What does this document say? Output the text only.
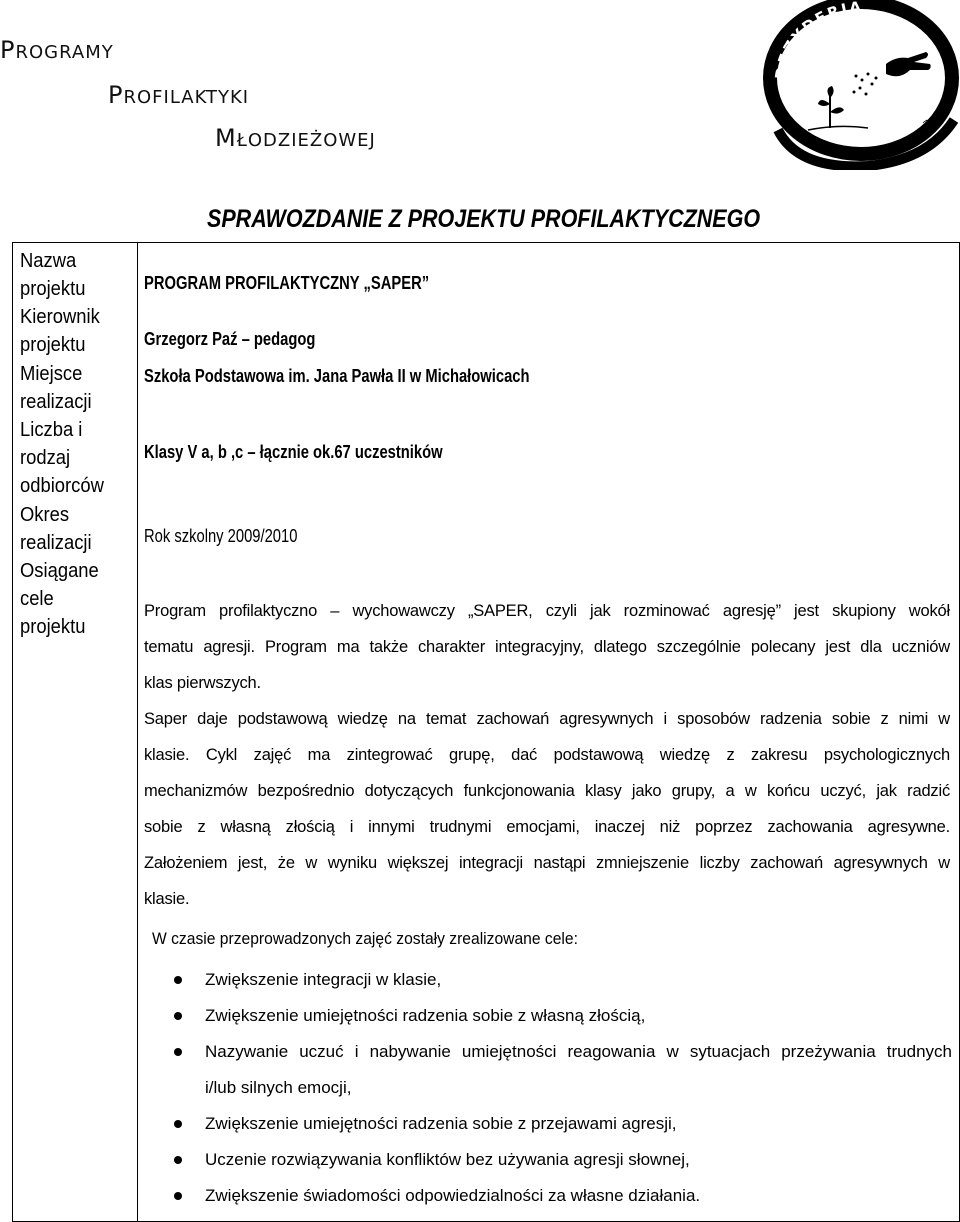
PROGRAMY
PROFILAKTYKI
MŁODZIEŻOWEJ
DEZYDERIA
Zespół Pedagogów
SPRAWOZDANIE Z PROJEKTU PROFILAKTYCZNEGO
Nazwa projektu
Kierownik projektu
Miejsce realizacji
Liczba i rodzaj odbiorców
Okres realizacji
Osiągane cele projektu
PROGRAM PROFILAKTYCZNY „SAPER”
Grzegorz Paź – pedagog
Szkoła Podstawowa im. Jana Pawła II w Michałowicach
Klasy V a, b ,c – łącznie ok.67 uczestników
Rok szkolny 2009/2010
Program profilaktyczno – wychowawczy „SAPER, czyli jak rozminować agresję” jest skupiony wokół
tematu agresji. Program ma także charakter integracyjny, dlatego szczególnie polecany jest dla uczniów
klas pierwszych.
Saper daje podstawową wiedzę na temat zachowań agresywnych i sposobów radzenia sobie z nimi w
klasie. Cykl zajęć ma zintegrować grupę, dać podstawową wiedzę z zakresu psychologicznych
mechanizmów bezpośrednio dotyczących funkcjonowania klasy jako grupy, a w końcu uczyć, jak radzić
sobie z własną złością i innymi trudnymi emocjami, inaczej niż poprzez zachowania agresywne.
Założeniem jest, że w wyniku większej integracji nastąpi zmniejszenie liczby zachowań agresywnych w
klasie.
W czasie przeprowadzonych zajęć zostały zrealizowane cele:
Zwiększenie integracji w klasie,
Zwiększenie umiejętności radzenia sobie z własną złością,
Nazywanie uczuć i nabywanie umiejętności reagowania w sytuacjach przeżywania trudnych
i/lub silnych emocji,
Zwiększenie umiejętności radzenia sobie z przejawami agresji,
Uczenie rozwiązywania konfliktów bez używania agresji słownej,
Zwiększenie świadomości odpowiedzialności za własne działania.
